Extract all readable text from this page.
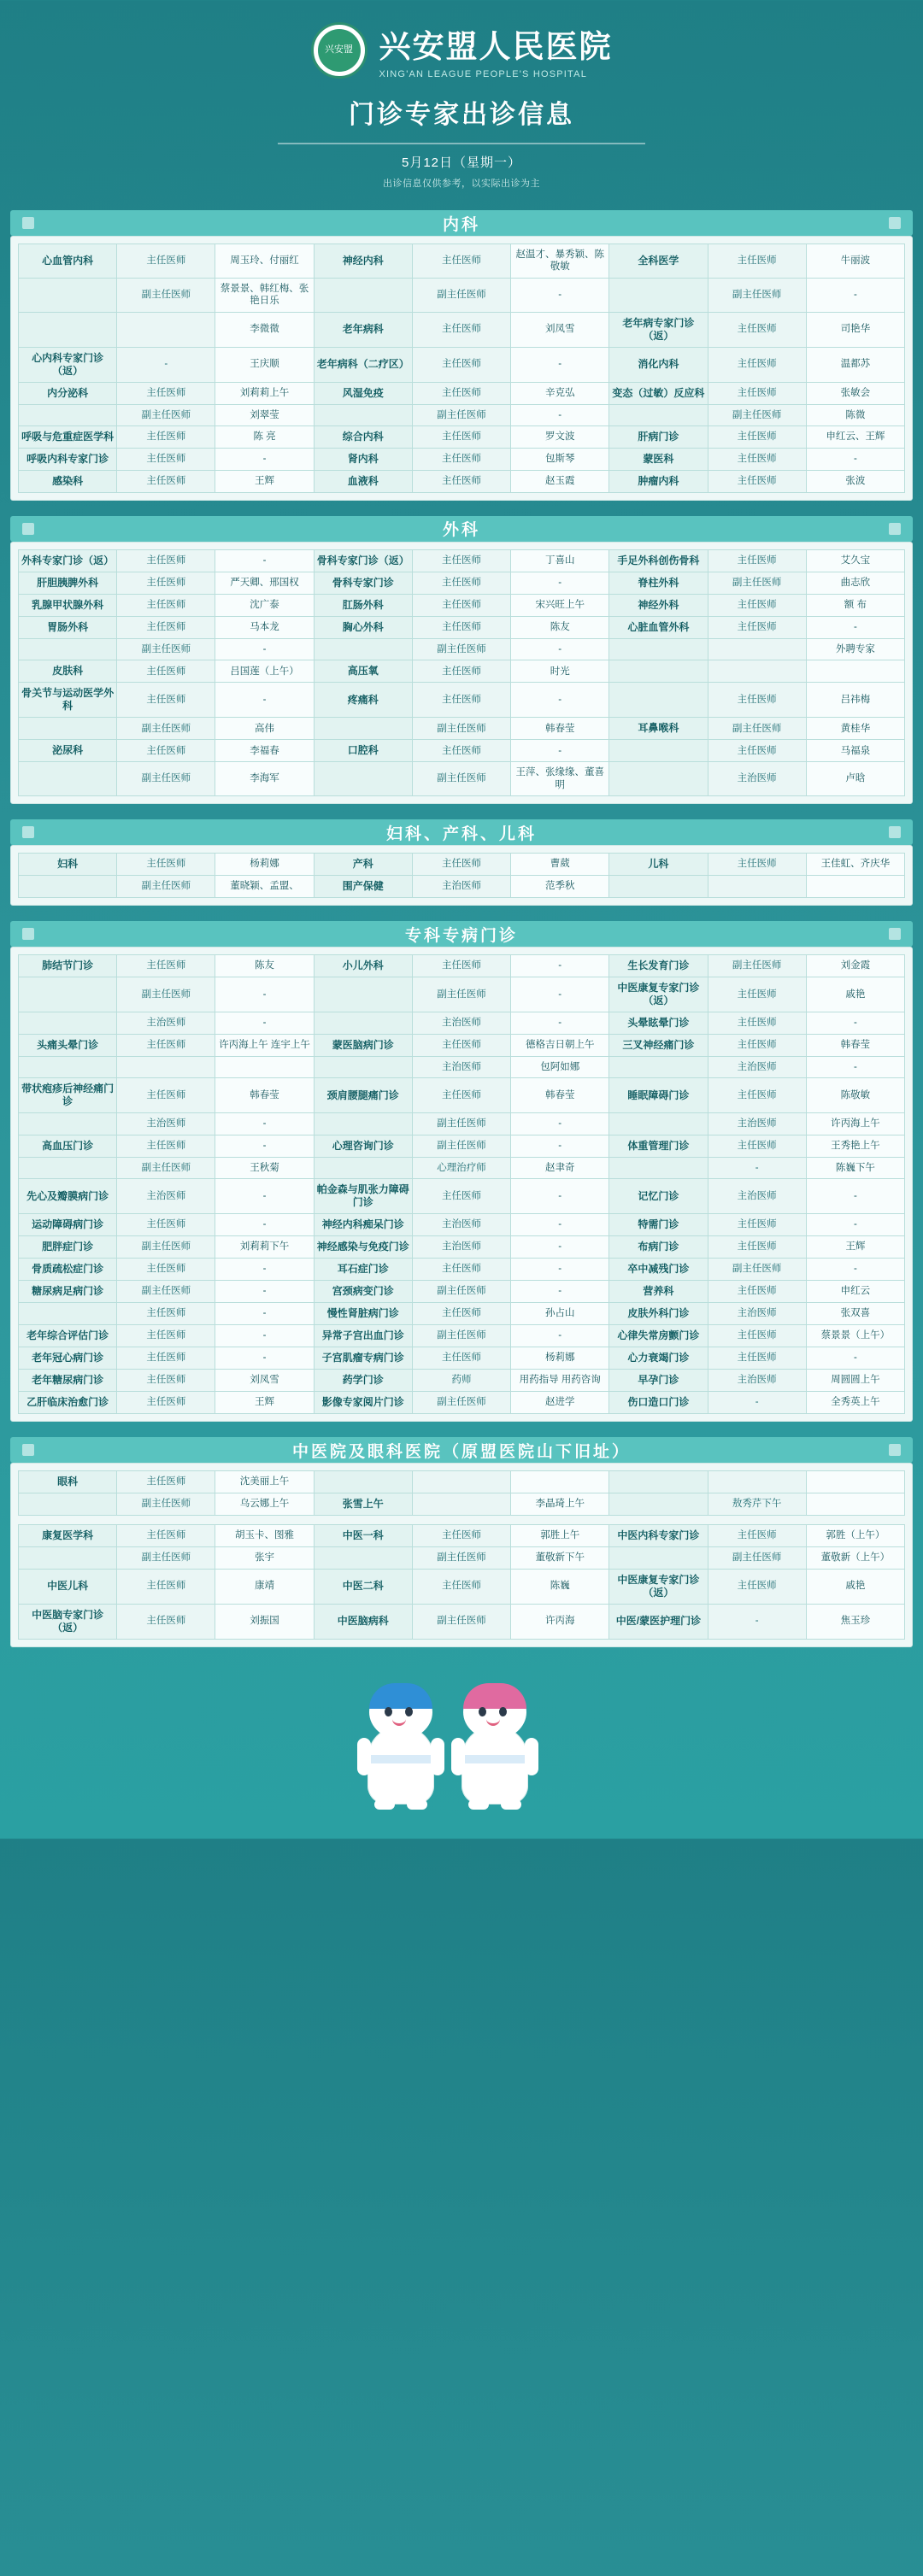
兴安盟 兴安盟人民医院
XING'AN LEAGUE PEOPLE'S HOSPITAL
门诊专家出诊信息
5月12日（星期一）
出诊信息仅供参考，以实际出诊为主
内科
心血管内科	主任医师	周玉玲、付丽红	神经内科	主任医师	赵温才、暴秀颖、陈敬敏	全科医学	主任医师	牛丽波
	副主任医师	蔡景景、韩红梅、张艳日乐		副主任医师	-		副主任医师	-
		李微微	老年病科	主任医师	刘凤雪	老年病专家门诊（返）	主任医师	司艳华
心内科专家门诊（返）	-	王庆顺	老年病科（二疗区）	主任医师	-	消化内科	主任医师	温都苏
内分泌科	主任医师	刘莉莉上午	风湿免疫	主任医师	辛克弘	变态（过敏）反应科	主任医师	张敏会
	副主任医师	刘翠莹		副主任医师	-		副主任医师	陈微
呼吸与危重症医学科	主任医师	陈 亮	综合内科	主任医师	罗文波	肝病门诊	主任医师	申红云、王辉
呼吸内科专家门诊	主任医师	-	肾内科	主任医师	包斯琴	蒙医科	主任医师	-
感染科	主任医师	王辉	血液科	主任医师	赵玉霞	肿瘤内科	主任医师	张波
外科
外科专家门诊（返）	主任医师	-	骨科专家门诊（返）	主任医师	丁喜山	手足外科创伤骨科	主任医师	艾久宝
肝胆胰脾外科	主任医师	严天卿、邢国权	骨科专家门诊	主任医师	-	脊柱外科	副主任医师	曲志欣
乳腺甲状腺外科	主任医师	沈广泰	肛肠外科	主任医师	宋兴旺上午	神经外科	主任医师	额 布
胃肠外科	主任医师	马本龙	胸心外科	主任医师	陈友	心脏血管外科	主任医师	-
	副主任医师	-		副主任医师	-			外聘专家
皮肤科	主任医师	吕国莲（上午）	高压氧	主任医师	时光			
骨关节与运动医学外科	主任医师	-	疼痛科	主任医师	-		主任医师	吕祎梅
	副主任医师	高伟		副主任医师	韩春莹	耳鼻喉科	副主任医师	黄桂华
泌尿科	主任医师	李福春	口腔科	主任医师	-		主任医师	马福泉
	副主任医师	李海军		副主任医师	王萍、张缘缘、董喜明		主治医师	卢晗
妇科、产科、儿科
妇科	主任医师	杨莉娜	产科	主任医师	曹葳	儿科	主任医师	王佳虹、齐庆华
	副主任医师	董晓颖、孟盟、	围产保健	主治医师	范季秋			
专科专病门诊
肺结节门诊	主任医师	陈友	小儿外科	主任医师	-	生长发育门诊	副主任医师	刘金霞
	副主任医师	-		副主任医师	-	中医康复专家门诊（返）	主任医师	戚艳
	主治医师	-		主治医师	-	头晕眩晕门诊	主任医师	-
头痛头晕门诊	主任医师	许丙海上午 连宇上午	蒙医脑病门诊	主任医师	德格吉日朝上午	三叉神经痛门诊	主任医师	韩春莹
				主治医师	包阿如娜		主治医师	-
带状疱疹后神经痛门诊	主任医师	韩春莹	颈肩腰腿痛门诊	主任医师	韩春莹	睡眠障碍门诊	主任医师	陈敬敏
	主治医师	-		副主任医师	-		主治医师	许丙海上午
高血压门诊	主任医师	-	心理咨询门诊	副主任医师	-	体重管理门诊	主任医师	王秀艳上午
	副主任医师	王秋菊		心理治疗师	赵聿奇		-	陈巍下午
先心及瓣膜病门诊	主治医师	-	帕金森与肌张力障碍门诊	主任医师	-	记忆门诊	主治医师	-
运动障碍病门诊	主任医师	-	神经内科痴呆门诊	主治医师	-	特需门诊	主任医师	-
肥胖症门诊	副主任医师	刘莉莉下午	神经感染与免疫门诊	主治医师	-	布病门诊	主任医师	王辉
骨质疏松症门诊	主任医师	-	耳石症门诊	主任医师	-	卒中减残门诊	副主任医师	-
糖尿病足病门诊	副主任医师	-	宫颈病变门诊	副主任医师	-	营养科	主任医师	申红云
	主任医师	-	慢性肾脏病门诊	主任医师	孙占山	皮肤外科门诊	主治医师	张双喜
老年综合评估门诊	主任医师	-	异常子宫出血门诊	副主任医师	-	心律失常房颤门诊	主任医师	蔡景景（上午）
老年冠心病门诊	主任医师	-	子宫肌瘤专病门诊	主任医师	杨莉娜	心力衰竭门诊	主任医师	-
老年糖尿病门诊	主任医师	刘凤雪	药学门诊	药师	用药指导 用药咨询	早孕门诊	主治医师	周圆圆上午
乙肝临床治愈门诊	主任医师	王辉	影像专家阅片门诊	副主任医师	赵进学	伤口造口门诊	-	全秀英上午
中医院及眼科医院（原盟医院山下旧址）
眼科	主任医师	沈美丽上午						
	副主任医师	乌云娜上午	张雪上午		李晶琦上午		敖秀芹下午	
康复医学科	主任医师	胡玉卡、图雅	中医一科	主任医师	郭胜上午	中医内科专家门诊	主任医师	郭胜（上午）
	副主任医师	张宇		副主任医师	董敬新下午		副主任医师	董敬新（上午）
中医儿科	主任医师	康靖	中医二科	主任医师	陈巍	中医康复专家门诊（返）	主任医师	戚艳
中医脑专家门诊（返）	主任医师	刘振国	中医脑病科	副主任医师	许丙海	中医/蒙医护理门诊	-	焦玉珍
